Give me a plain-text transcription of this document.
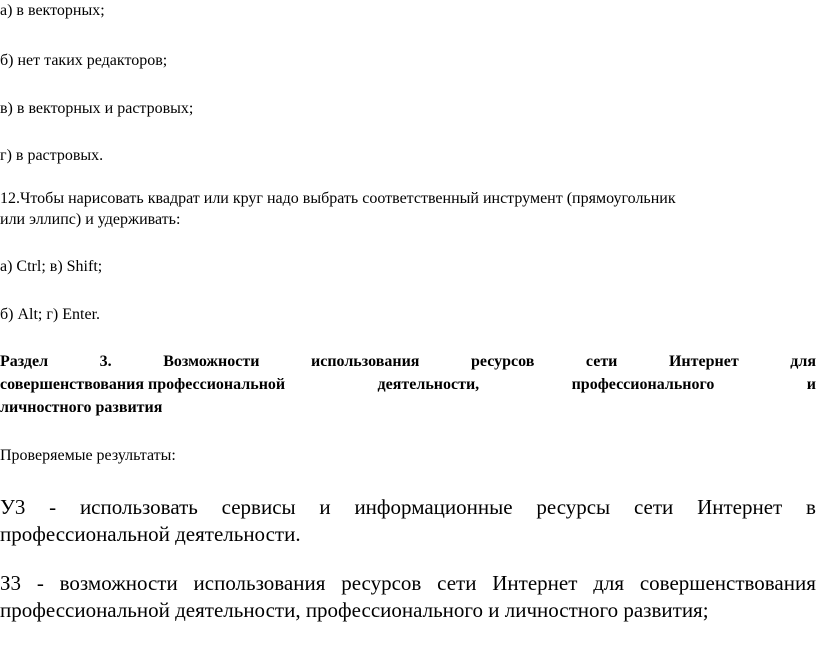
а) в векторных;

б) нет таких редакторов;

в) в векторных и растровых;

г) в растровых.

12.Чтобы нарисовать квадрат или круг надо выбрать соответственный инструмент (прямоугольник

или эллипс) и удерживать:

а) Ctrl; в) Shift;

б) Alt; г) Enter.

Раздел	3.	Возможности	использования	ресурсов	сети	Интернет	для
совершенствования профессиональной	деятельности,	профессионального	и

личностного развития

Проверяемые результаты:

У3 - использовать сервисы и информационные ресурсы сети Интернет в

профессиональной деятельности.

З3 - возможности использования ресурсов сети Интернет для совершенствования

профессиональной деятельности, профессионального и личностного развития;
